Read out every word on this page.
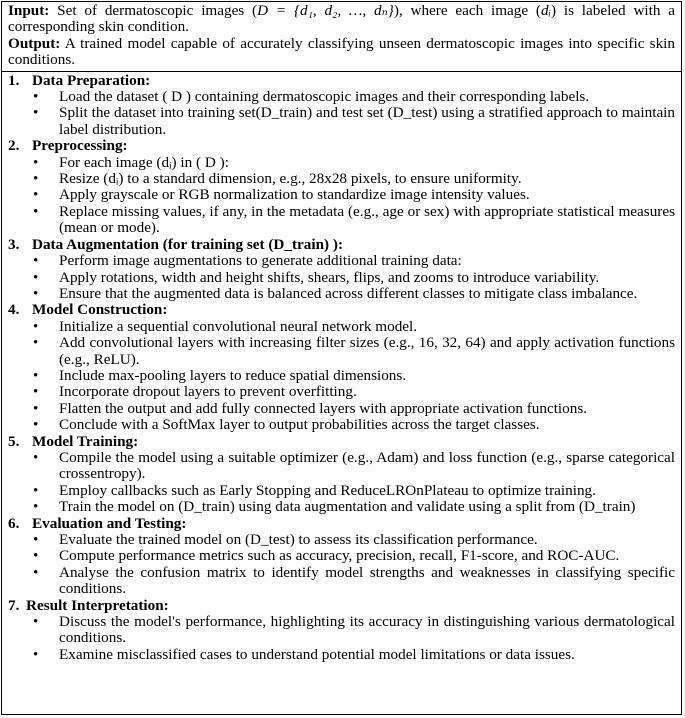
Input: Set of dermatoscopic images (D = {d₁, d₂, …, dₙ}), where each image (dᵢ) is labeled with a corresponding skin condition.

Output: A trained model capable of accurately classifying unseen dermatoscopic images into specific skin conditions.

1. Data Preparation:
• Load the dataset ( D ) containing dermatoscopic images and their corresponding labels.
• Split the dataset into training set(D_train) and test set (D_test) using a stratified approach to maintain label distribution.
2. Preprocessing:
• For each image (dᵢ) in ( D ):
• Resize (dᵢ) to a standard dimension, e.g., 28x28 pixels, to ensure uniformity.
• Apply grayscale or RGB normalization to standardize image intensity values.
• Replace missing values, if any, in the metadata (e.g., age or sex) with appropriate statistical measures (mean or mode).
3. Data Augmentation (for training set (D_train) ):
• Perform image augmentations to generate additional training data:
• Apply rotations, width and height shifts, shears, flips, and zooms to introduce variability.
• Ensure that the augmented data is balanced across different classes to mitigate class imbalance.
4. Model Construction:
• Initialize a sequential convolutional neural network model.
• Add convolutional layers with increasing filter sizes (e.g., 16, 32, 64) and apply activation functions (e.g., ReLU).
• Include max-pooling layers to reduce spatial dimensions.
• Incorporate dropout layers to prevent overfitting.
• Flatten the output and add fully connected layers with appropriate activation functions.
• Conclude with a SoftMax layer to output probabilities across the target classes.
5. Model Training:
• Compile the model using a suitable optimizer (e.g., Adam) and loss function (e.g., sparse categorical crossentropy).
• Employ callbacks such as Early Stopping and ReduceLROnPlateau to optimize training.
• Train the model on (D_train) using data augmentation and validate using a split from (D_train)
6. Evaluation and Testing:
• Evaluate the trained model on (D_test) to assess its classification performance.
• Compute performance metrics such as accuracy, precision, recall, F1-score, and ROC-AUC.
• Analyse the confusion matrix to identify model strengths and weaknesses in classifying specific conditions.
7. Result Interpretation:
• Discuss the model's performance, highlighting its accuracy in distinguishing various dermatological conditions.
• Examine misclassified cases to understand potential model limitations or data issues.
